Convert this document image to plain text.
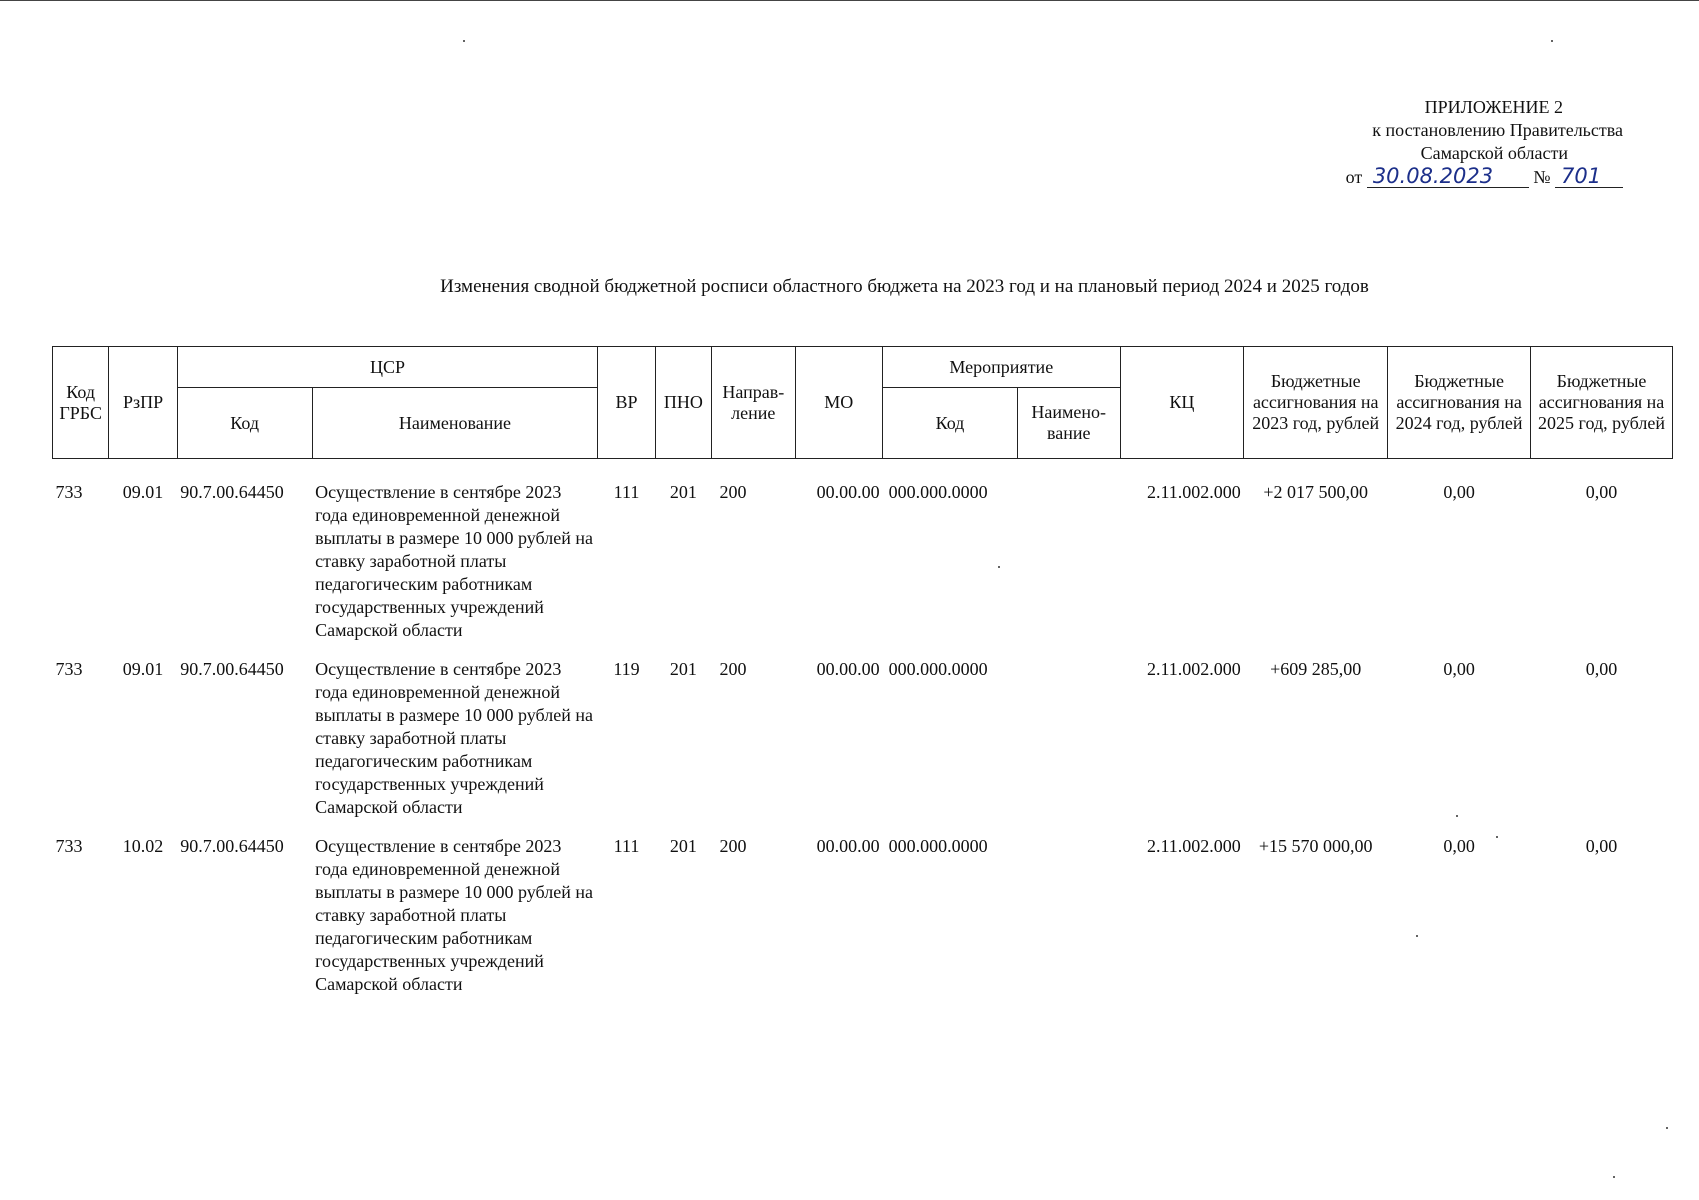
ПРИЛОЖЕНИЕ 2
к постановлению Правительства
Самарской области
от 30.08.2023 № 701
Изменения сводной бюджетной росписи областного бюджета на 2023 год и на плановый период 2024 и 2025 годов
Код ГРБС	РзПР	ЦСР		ВР	ПНО	Направ-ление	МО	Мероприятие		КЦ	Бюджетные ассигнования на 2023 год, рублей	Бюджетные ассигнования на 2024 год, рублей	Бюджетные ассигнования на 2025 год, рублей
		Код	Наименование					Код	Наимено-вание				

733	09.01	90.7.00.64450	Осуществление в сентябре 2023 года единовременной денежной выплаты в размере 10 000 рублей на ставку заработной платы педагогическим работникам государственных учреждений Самарской области	111	201	200	00.00.00	000.000.0000		2.11.002.000	+2 017 500,00	0,00	0,00
733	09.01	90.7.00.64450	Осуществление в сентябре 2023 года единовременной денежной выплаты в размере 10 000 рублей на ставку заработной платы педагогическим работникам государственных учреждений Самарской области	119	201	200	00.00.00	000.000.0000		2.11.002.000	+609 285,00	0,00	0,00
733	10.02	90.7.00.64450	Осуществление в сентябре 2023 года единовременной денежной выплаты в размере 10 000 рублей на ставку заработной платы педагогическим работникам государственных учреждений Самарской области	111	201	200	00.00.00	000.000.0000		2.11.002.000	+15 570 000,00	0,00	0,00
